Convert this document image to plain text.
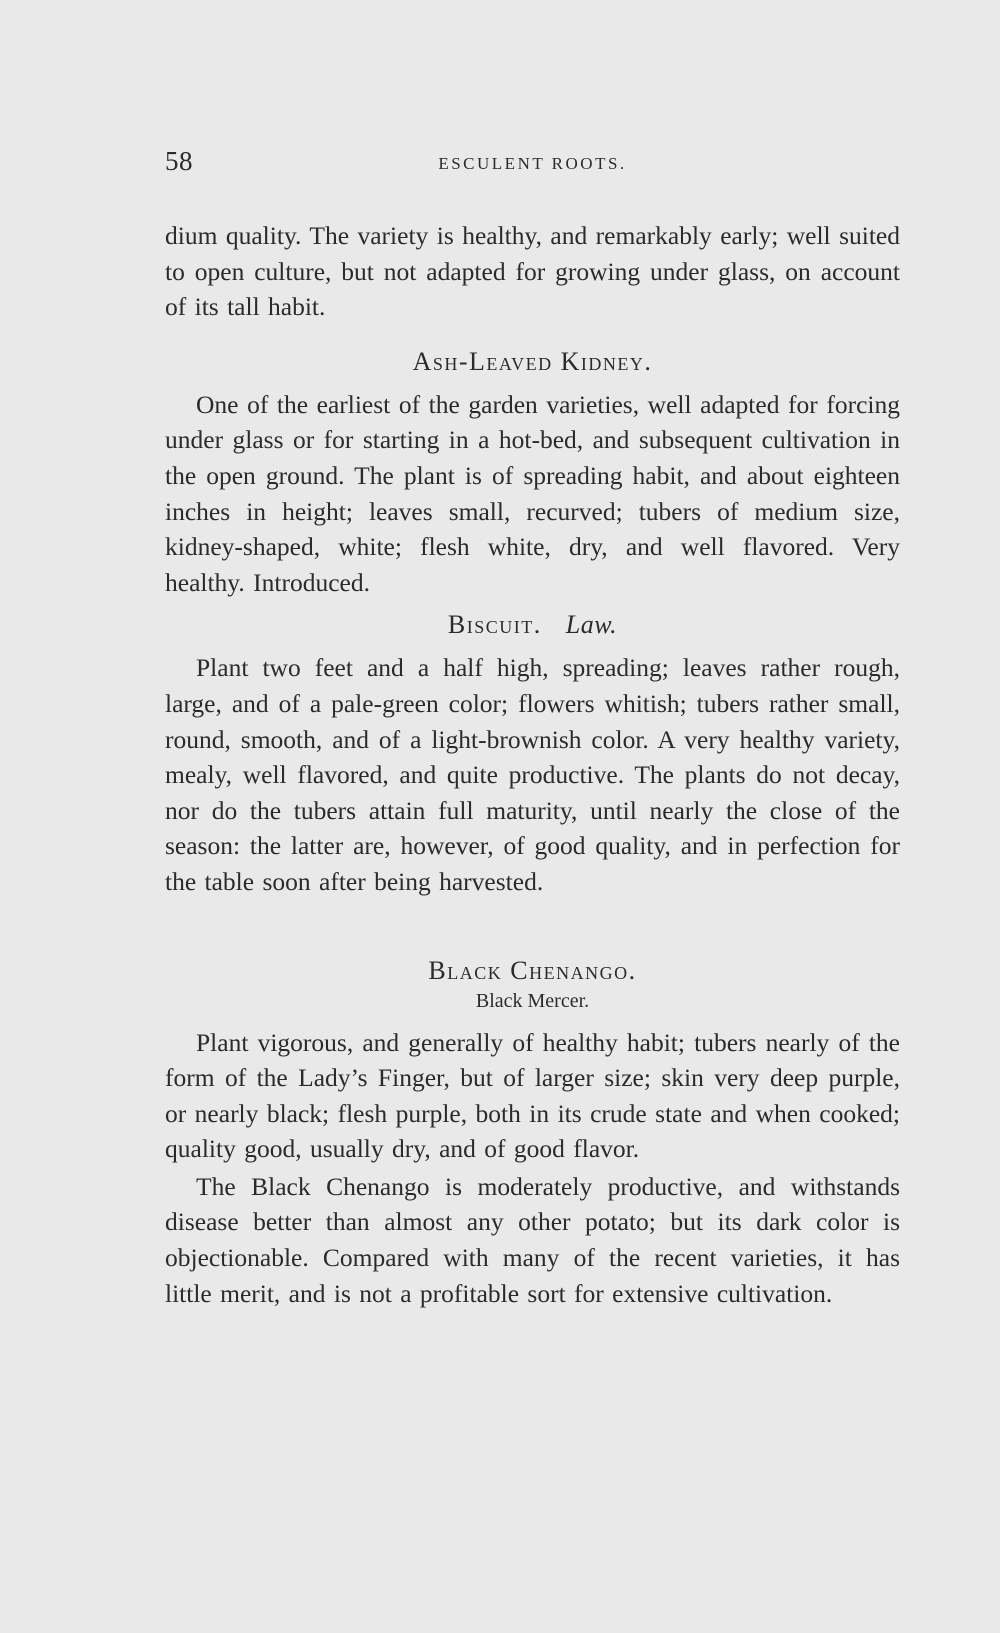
58	ESCULENT ROOTS.

dium quality. The variety is healthy, and remarkably early; well suited to open culture, but not adapted for growing under glass, on account of its tall habit.

Ash-Leaved Kidney.

One of the earliest of the garden varieties, well adapted for forcing under glass or for starting in a hot-bed, and subsequent cultivation in the open ground. The plant is of spreading habit, and about eighteen inches in height; leaves small, recurved; tubers of medium size, kidney-shaped, white; flesh white, dry, and well flavored. Very healthy. Introduced.

Biscuit. Law.

Plant two feet and a half high, spreading; leaves rather rough, large, and of a pale-green color; flowers whitish; tubers rather small, round, smooth, and of a light-brownish color. A very healthy variety, mealy, well flavored, and quite productive. The plants do not decay, nor do the tubers attain full maturity, until nearly the close of the season: the latter are, however, of good quality, and in perfection for the table soon after being harvested.

Black Chenango.
Black Mercer.

Plant vigorous, and generally of healthy habit; tubers nearly of the form of the Lady’s Finger, but of larger size; skin very deep purple, or nearly black; flesh purple, both in its crude state and when cooked; quality good, usually dry, and of good flavor.

The Black Chenango is moderately productive, and withstands disease better than almost any other potato; but its dark color is objectionable. Compared with many of the recent varieties, it has little merit, and is not a profitable sort for extensive cultivation.
